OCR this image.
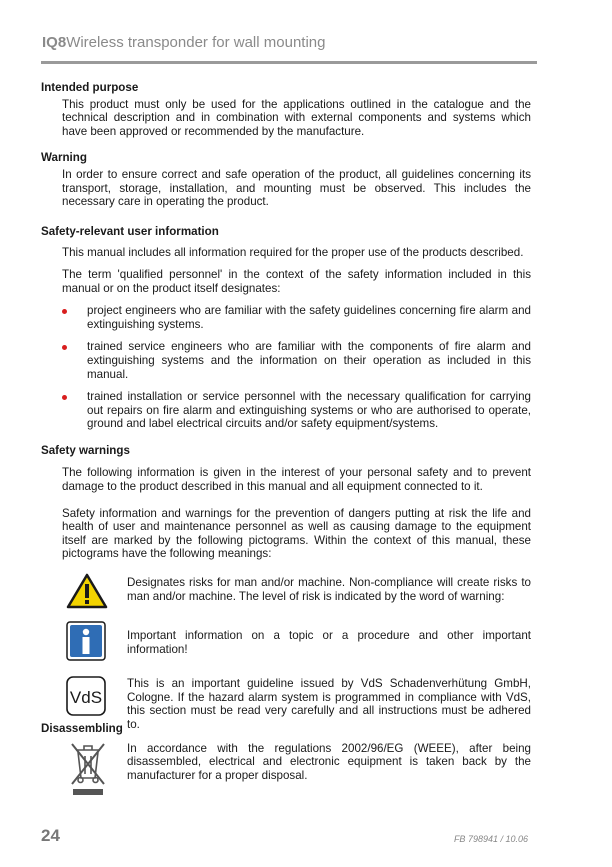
IQ8Wireless transponder for wall mounting
Intended purpose
This product must only be used for the applications outlined in the catalogue and the technical description and in combination with external components and systems which have been approved or recommended by the manufacture.
Warning
In order to ensure correct and safe operation of the product, all guidelines concerning its transport, storage, installation, and mounting must be observed. This includes the necessary care in operating the product.
Safety-relevant user information
This manual includes all information required for the proper use of the products described.
The term 'qualified personnel' in the context of the safety information included in this manual or on the product itself designates:
project engineers who are familiar with the safety guidelines concerning fire alarm and extinguishing systems.
trained service engineers who are familiar with the components of fire alarm and extinguishing systems and the information on their operation as included in this manual.
trained installation or service personnel with the necessary qualification for carrying out repairs on fire alarm and extinguishing systems or who are authorised to operate, ground and label electrical circuits and/or safety equipment/systems.
Safety warnings
The following information is given in the interest of your personal safety and to prevent damage to the product described in this manual and all equipment connected to it.
Safety information and warnings for the prevention of dangers putting at risk the life and health of user and maintenance personnel as well as causing damage to the equipment itself are marked by the following pictograms. Within the context of this manual, these pictograms have the following meanings:
Designates risks for man and/or machine. Non-compliance will create risks to man and/or machine. The level of risk is indicated by the word of warning:
Important information on a topic or a procedure and other important information!
VdS
This is an important guideline issued by VdS Schadenverhütung GmbH, Cologne. If the hazard alarm system is programmed in compliance with VdS, this section must be read very carefully and all instructions must be adhered to.
Disassembling
In accordance with the regulations 2002/96/EG (WEEE), after being disassembled, electrical and electronic equipment is taken back by the manufacturer for a proper disposal.
24	FB 798941 / 10.06
